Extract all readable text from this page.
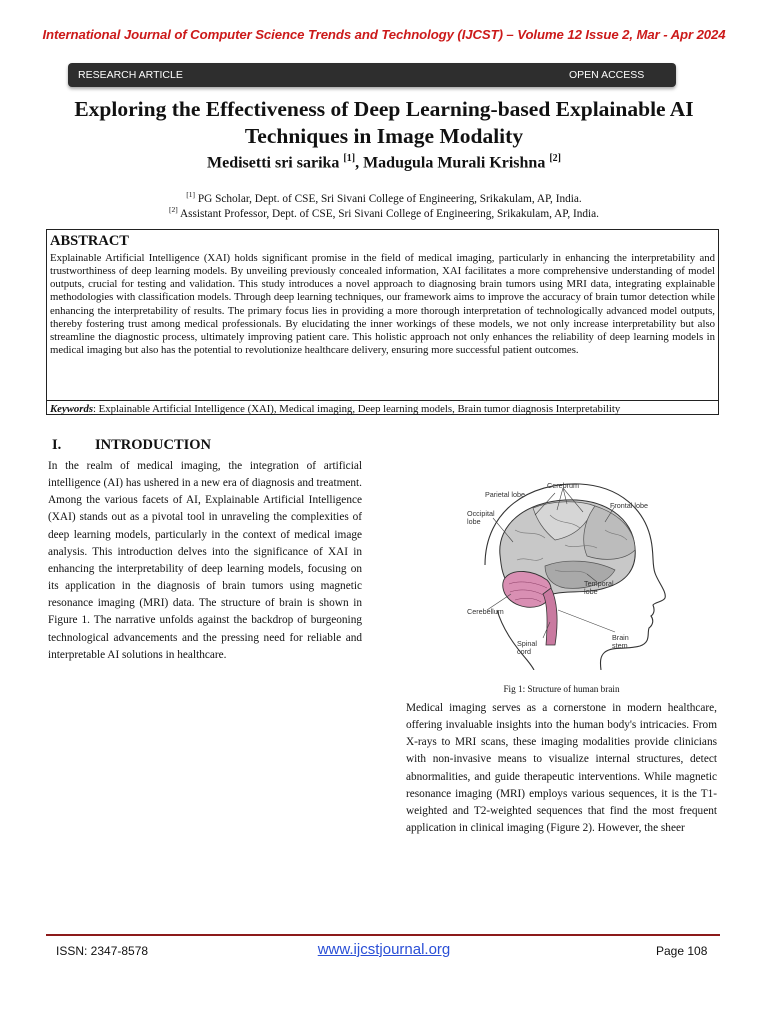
International Journal of Computer Science Trends and Technology (IJCST) – Volume 12 Issue 2, Mar - Apr 2024
RESEARCH ARTICLE	OPEN ACCESS
Exploring the Effectiveness of Deep Learning-based Explainable AI
Techniques in Image Modality
Medisetti sri sarika [1], Madugula Murali Krishna [2]
[1] PG Scholar, Dept. of CSE, Sri Sivani College of Engineering, Srikakulam, AP, India.
[2] Assistant Professor, Dept. of CSE, Sri Sivani College of Engineering, Srikakulam, AP, India.
ABSTRACT
Explainable Artificial Intelligence (XAI) holds significant promise in the field of medical imaging, particularly in enhancing the interpretability and trustworthiness of deep learning models. By unveiling previously concealed information, XAI facilitates a more comprehensive understanding of model outputs, crucial for testing and validation. This study introduces a novel approach to diagnosing brain tumors using MRI data, integrating explainable methodologies with classification models. Through deep learning techniques, our framework aims to improve the accuracy of brain tumor detection while enhancing the interpretability of results. The primary focus lies in providing a more thorough interpretation of technologically advanced model outputs, thereby fostering trust among medical professionals. By elucidating the inner workings of these models, we not only increase interpretability but also streamline the diagnostic process, ultimately improving patient care. This holistic approach not only enhances the reliability of deep learning models in medical imaging but also has the potential to revolutionize healthcare delivery, ensuring more successful patient outcomes.
Keywords: Explainable Artificial Intelligence (XAI), Medical imaging, Deep learning models, Brain tumor diagnosis Interpretability
I. INTRODUCTION
In the realm of medical imaging, the integration of artificial intelligence (AI) has ushered in a new era of diagnosis and treatment. Among the various facets of AI, Explainable Artificial Intelligence (XAI) stands out as a pivotal tool in unraveling the complexities of deep learning models, particularly in the context of medical image analysis. This introduction delves into the significance of XAI in enhancing the interpretability of deep learning models, focusing on its application in the diagnosis of brain tumors using magnetic resonance imaging (MRI) data. The structure of brain is shown in Figure 1. The narrative unfolds against the backdrop of burgeoning technological advancements and the pressing need for reliable and interpretable AI solutions in healthcare.
Cerebrum
Parietal lobe
Frontal lobe
Occipital
lobe
Temporal
lobe
Cerebellum
Spinal
cord
Brain
stem
Fig 1: Structure of human brain
Medical imaging serves as a cornerstone in modern healthcare, offering invaluable insights into the human body's intricacies. From X-rays to MRI scans, these imaging modalities provide clinicians with non-invasive means to visualize internal structures, detect abnormalities, and guide therapeutic interventions. While magnetic resonance imaging (MRI) employs various sequences, it is the T1-weighted and T2-weighted sequences that find the most frequent application in clinical imaging (Figure 2). However, the sheer
ISSN: 2347-8578	www.ijcstjournal.org	Page 108
